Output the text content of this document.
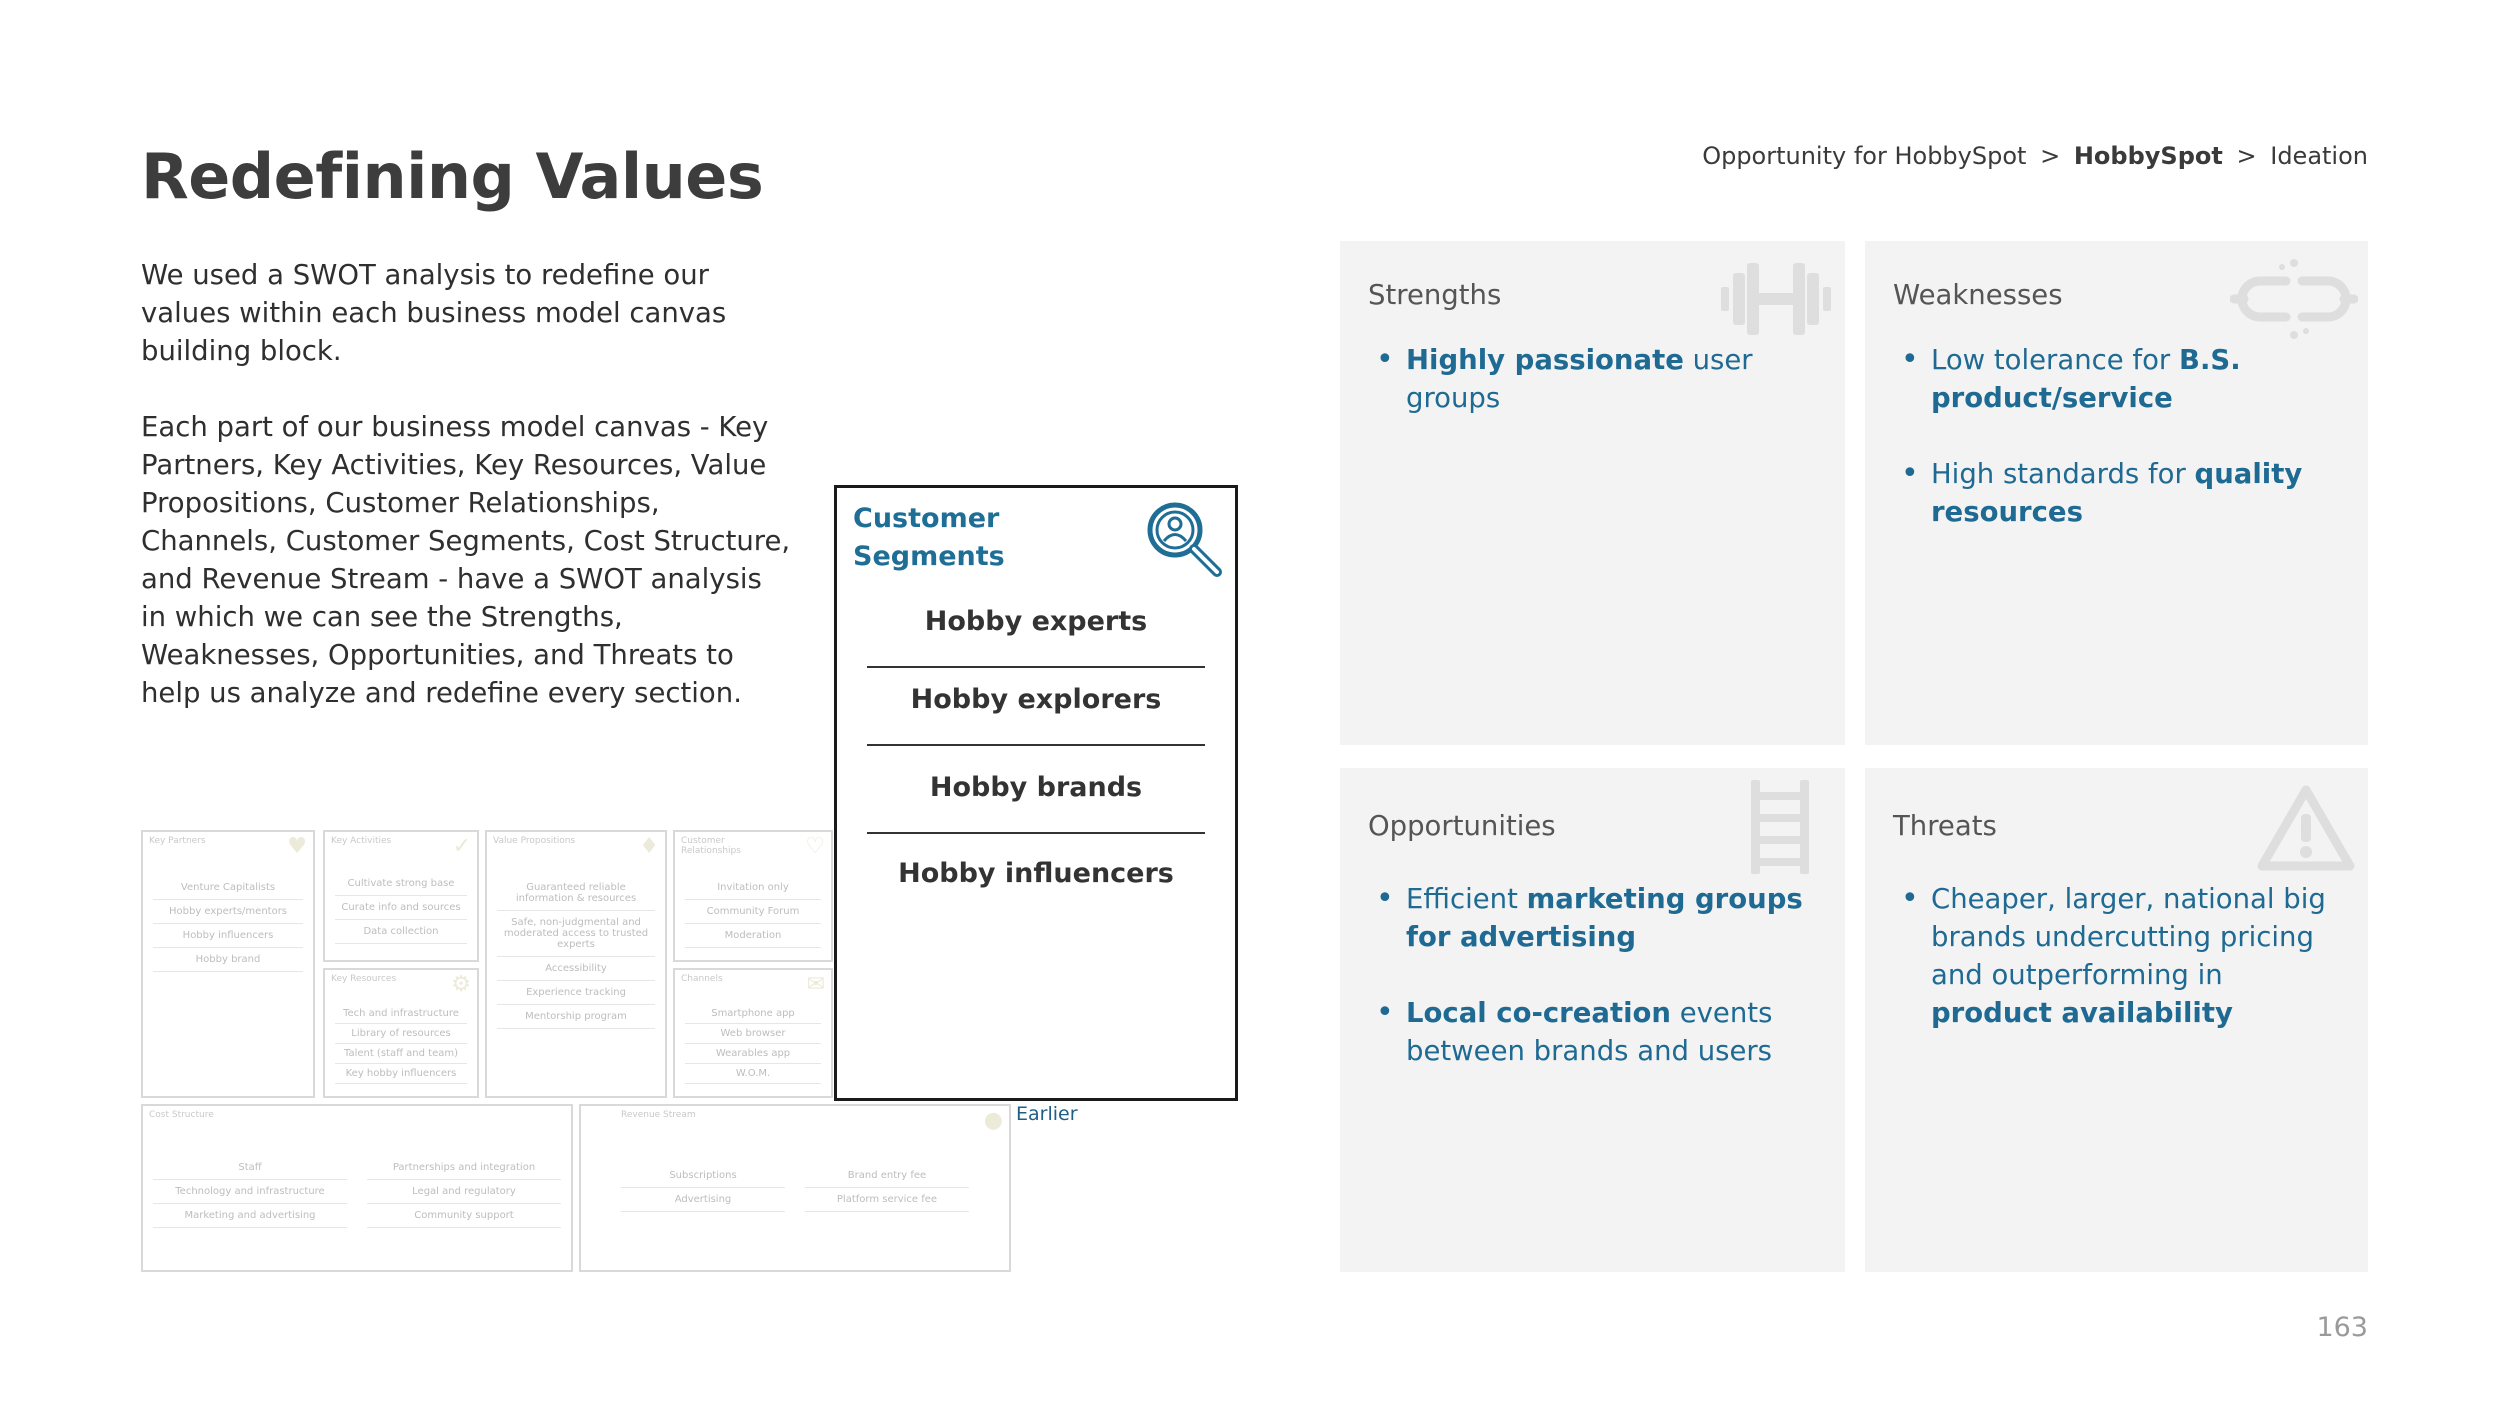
Redefining Values	Opportunity for HobbySpot > HobbySpot > Ideation

We used a SWOT analysis to redefine our values within each business model canvas building block.

Each part of our business model canvas - Key Partners, Key Activities, Key Resources, Value Propositions, Customer Relationships, Channels, Customer Segments, Cost Structure, and Revenue Stream - have a SWOT analysis in which we can see the Strengths, Weaknesses, Opportunities, and Threats to help us analyze and redefine every section.

Key Partners	♥
Venture Capitalists
Hobby experts/mentors
Hobby influencers
Hobby brand
Key Activities	✓
Cultivate strong base
Curate info and sources
Data collection
Key Resources	⚙
Tech and infrastructure
Library of resources
Talent (staff and team)
Key hobby influencers
Value Propositions	♦
Guaranteed reliable information & resources
Safe, non-judgmental and moderated access to trusted experts
Accessibility
Experience tracking
Mentorship program
Customer Relationships	♡
Invitation only
Community Forum
Moderation
Channels	✉
Smartphone app
Web browser
Wearables app
W.O.M.
Cost Structure
Staff	Partnerships and integration
Technology and infrastructure	Legal and regulatory
Marketing and advertising	Community support
Revenue Stream	●
Subscriptions	Brand entry fee
Advertising	Platform service fee
Earlier
Customer Segments
Hobby experts
Hobby explorers
Hobby brands
Hobby influencers
Strengths
• Highly passionate user groups
Weaknesses
• Low tolerance for B.S. product/service
• High standards for quality resources
Opportunities
• Efficient marketing groups for advertising
• Local co-creation events between brands and users
Threats
• Cheaper, larger, national big brands undercutting pricing and outperforming in product availability
163
